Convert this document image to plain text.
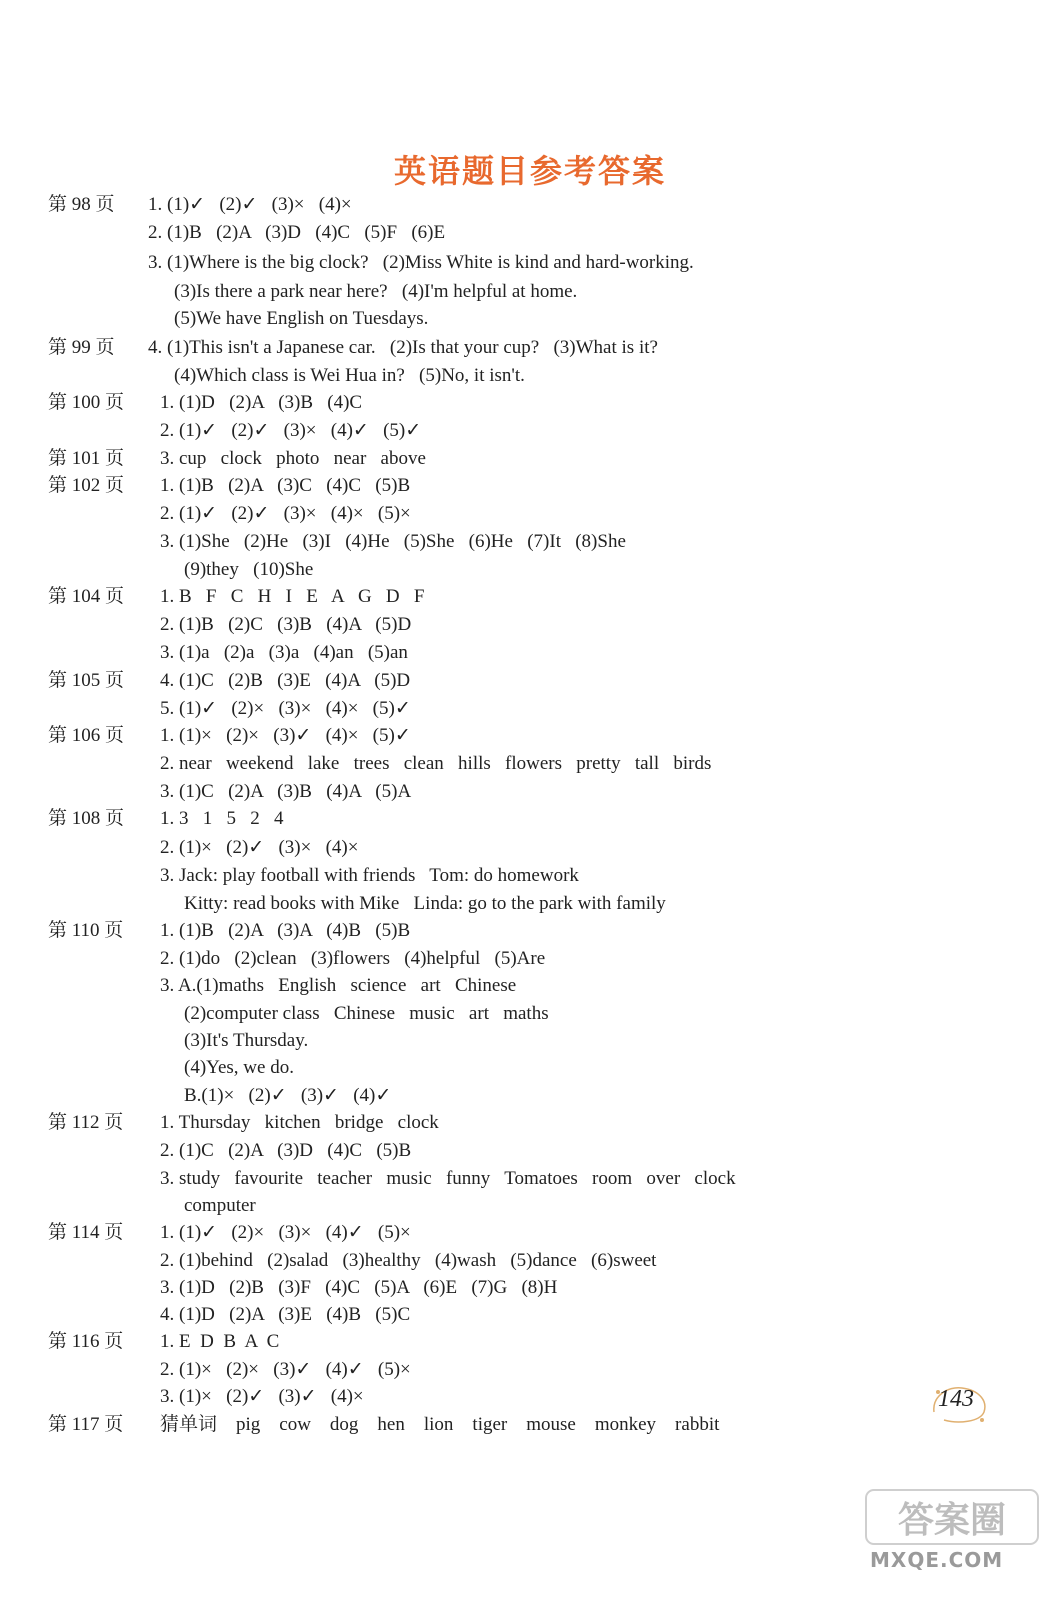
英语题目参考答案
第 98 页 1. (1)✓   (2)✓   (3)×   (4)×
2. (1)B   (2)A   (3)D   (4)C   (5)F   (6)E
3. (1)Where is the big clock?   (2)Miss White is kind and hard-working.
(3)Is there a park near here?   (4)I'm helpful at home.
(5)We have English on Tuesdays.
第 99 页 4. (1)This isn't a Japanese car.   (2)Is that your cup?   (3)What is it?
(4)Which class is Wei Hua in?   (5)No, it isn't.
第 100 页 1. (1)D   (2)A   (3)B   (4)C
2. (1)✓   (2)✓   (3)×   (4)✓   (5)✓
第 101 页 3. cup   clock   photo   near   above
第 102 页 1. (1)B   (2)A   (3)C   (4)C   (5)B
2. (1)✓   (2)✓   (3)×   (4)×   (5)×
3. (1)She   (2)He   (3)I   (4)He   (5)She   (6)He   (7)It   (8)She
(9)they   (10)She
第 104 页 1. B   F   C   H   I   E   A   G   D   F
2. (1)B   (2)C   (3)B   (4)A   (5)D
3. (1)a   (2)a   (3)a   (4)an   (5)an
第 105 页 4. (1)C   (2)B   (3)E   (4)A   (5)D
5. (1)✓   (2)×   (3)×   (4)×   (5)✓
第 106 页 1. (1)×   (2)×   (3)✓   (4)×   (5)✓
2. near   weekend   lake   trees   clean   hills   flowers   pretty   tall   birds
3. (1)C   (2)A   (3)B   (4)A   (5)A
第 108 页 1. 3   1   5   2   4
2. (1)×   (2)✓   (3)×   (4)×
3. Jack: play football with friends   Tom: do homework
Kitty: read books with Mike   Linda: go to the park with family
第 110 页 1. (1)B   (2)A   (3)A   (4)B   (5)B
2. (1)do   (2)clean   (3)flowers   (4)helpful   (5)Are
3. A.(1)maths   English   science   art   Chinese
(2)computer class   Chinese   music   art   maths
(3)It's Thursday.
(4)Yes, we do.
B.(1)×   (2)✓   (3)✓   (4)✓
第 112 页 1. Thursday   kitchen   bridge   clock
2. (1)C   (2)A   (3)D   (4)C   (5)B
3. study   favourite   teacher   music   funny   Tomatoes   room   over   clock
computer
第 114 页 1. (1)✓   (2)×   (3)×   (4)✓   (5)×
2. (1)behind   (2)salad   (3)healthy   (4)wash   (5)dance   (6)sweet
3. (1)D   (2)B   (3)F   (4)C   (5)A   (6)E   (7)G   (8)H
4. (1)D   (2)A   (3)E   (4)B   (5)C
第 116 页 1. E  D  B  A  C
2. (1)×   (2)×   (3)✓   (4)✓   (5)×
3. (1)×   (2)✓   (3)✓   (4)×
第 117 页 猜单词    pig    cow    dog    hen    lion    tiger    mouse    monkey    rabbit
143
答案圈
MXQE.COM
